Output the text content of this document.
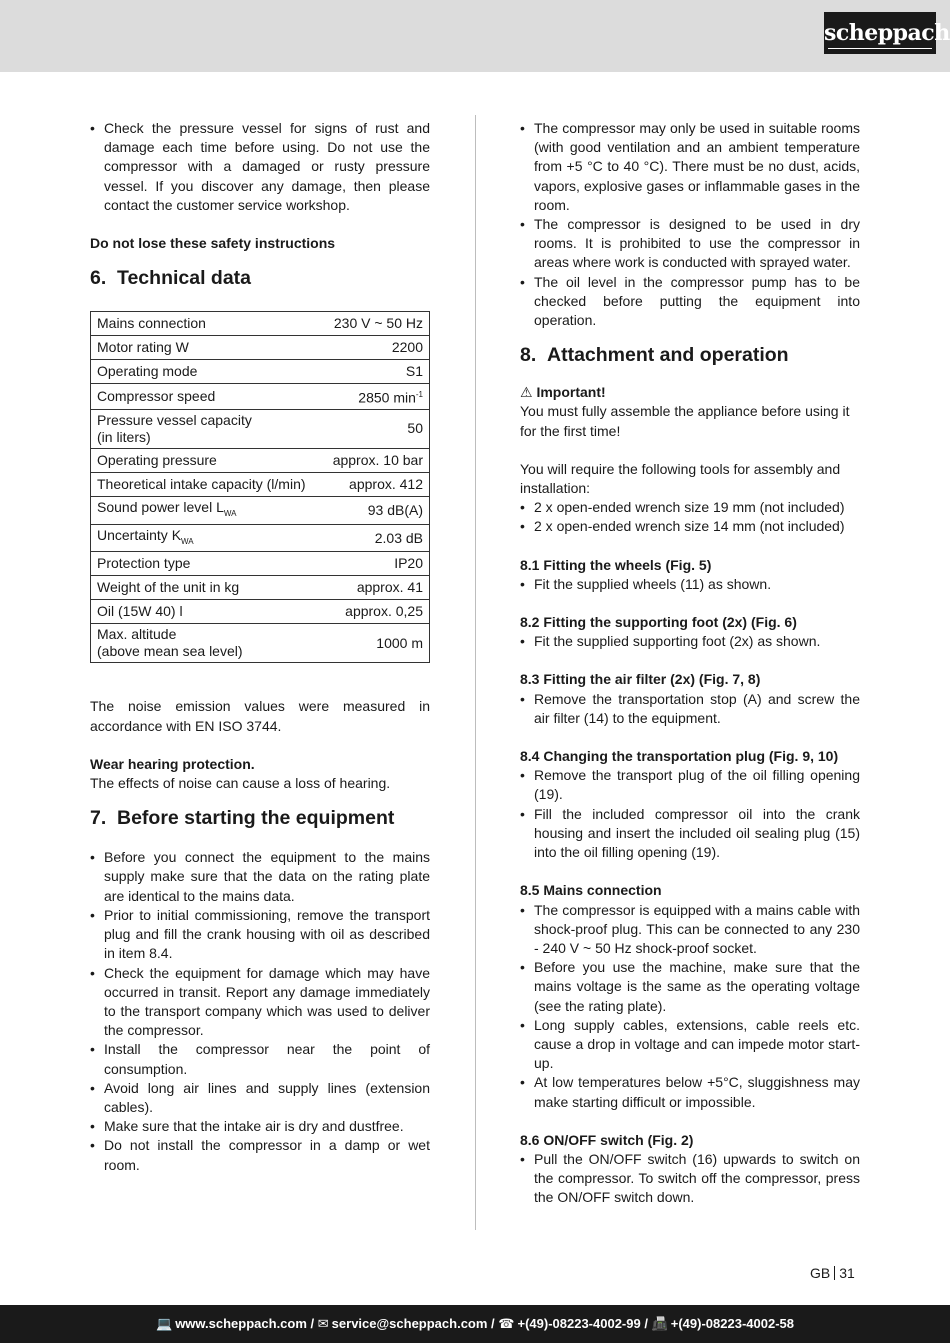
scheppach
• Check the pressure vessel for signs of rust and damage each time before using. Do not use the compressor with a damaged or rusty pressure vessel. If you discover any damage, then please contact the customer service workshop.

Do not lose these safety instructions

6. Technical data
Mains connection	230 V ~ 50 Hz
Motor rating W	2200
Operating mode	S1
Compressor speed	2850 $\min^{-1}$
Pressure vessel capacity
(in liters)	50
Operating pressure	approx. 10 bar
Theoretical intake capacity (l/min)	approx. 412
Sound power level $L_{WA}$	93 dB(A)
Uncertainty $K_{WA}$	2.03 dB
Protection type	IP20
Weight of the unit in kg	approx. 41
Oil (15W 40) l	approx. 0,25
Max. altitude
(above mean sea level)	1000 m

The noise emission values were measured in accordance with EN ISO 3744.

Wear hearing protection.

The effects of noise can cause a loss of hearing.

7. Before starting the equipment
• Before you connect the equipment to the mains supply make sure that the data on the rating plate are identical to the mains data.
• Prior to initial commissioning, remove the transport plug and fill the crank housing with oil as described in item 8.4.
• Check the equipment for damage which may have occurred in transit. Report any damage immediately to the transport company which was used to deliver the compressor.
• Install the compressor near the point of consumption.
• Avoid long air lines and supply lines (extension cables).
• Make sure that the intake air is dry and dustfree.
• Do not install the compressor in a damp or wet room.
• The compressor may only be used in suitable rooms (with good ventilation and an ambient temperature from +5 °C to 40 °C). There must be no dust, acids, vapors, explosive gases or inflammable gases in the room.
• The compressor is designed to be used in dry rooms. It is prohibited to use the compressor in areas where work is conducted with sprayed water.
• The oil level in the compressor pump has to be checked before putting the equipment into operation.
8. Attachment and operation

⚠ Important!

You must fully assemble the appliance before using it for the first time!

You will require the following tools for assembly and installation:

• 2 x open-ended wrench size 19 mm (not included)
• 2 x open-ended wrench size 14 mm (not included)

8.1 Fitting the wheels (Fig. 5)

• Fit the supplied wheels (11) as shown.

8.2 Fitting the supporting foot (2x) (Fig. 6)

• Fit the supplied supporting foot (2x) as shown.

8.3 Fitting the air filter (2x) (Fig. 7, 8)

• Remove the transportation stop (A) and screw the air filter (14) to the equipment.

8.4 Changing the transportation plug (Fig. 9, 10)

• Remove the transport plug of the oil filling opening (19).
• Fill the included compressor oil into the crank housing and insert the included oil sealing plug (15) into the oil filling opening (19).

8.5 Mains connection

• The compressor is equipped with a mains cable with shock-proof plug. This can be connected to any 230 - 240 V ~ 50 Hz shock-proof socket.
• Before you use the machine, make sure that the mains voltage is the same as the operating voltage (see the rating plate).
• Long supply cables, extensions, cable reels etc. cause a drop in voltage and can impede motor start-up.
• At low temperatures below +5°C, sluggishness may make starting difficult or impossible.

8.6 ON/OFF switch (Fig. 2)

• Pull the ON/OFF switch (16) upwards to switch on the compressor. To switch off the compressor, press the ON/OFF switch down.
GB 31
💻 www.scheppach.com / ✉ service@scheppach.com / ☎ +(49)-08223-4002-99 / 📠 +(49)-08223-4002-58
